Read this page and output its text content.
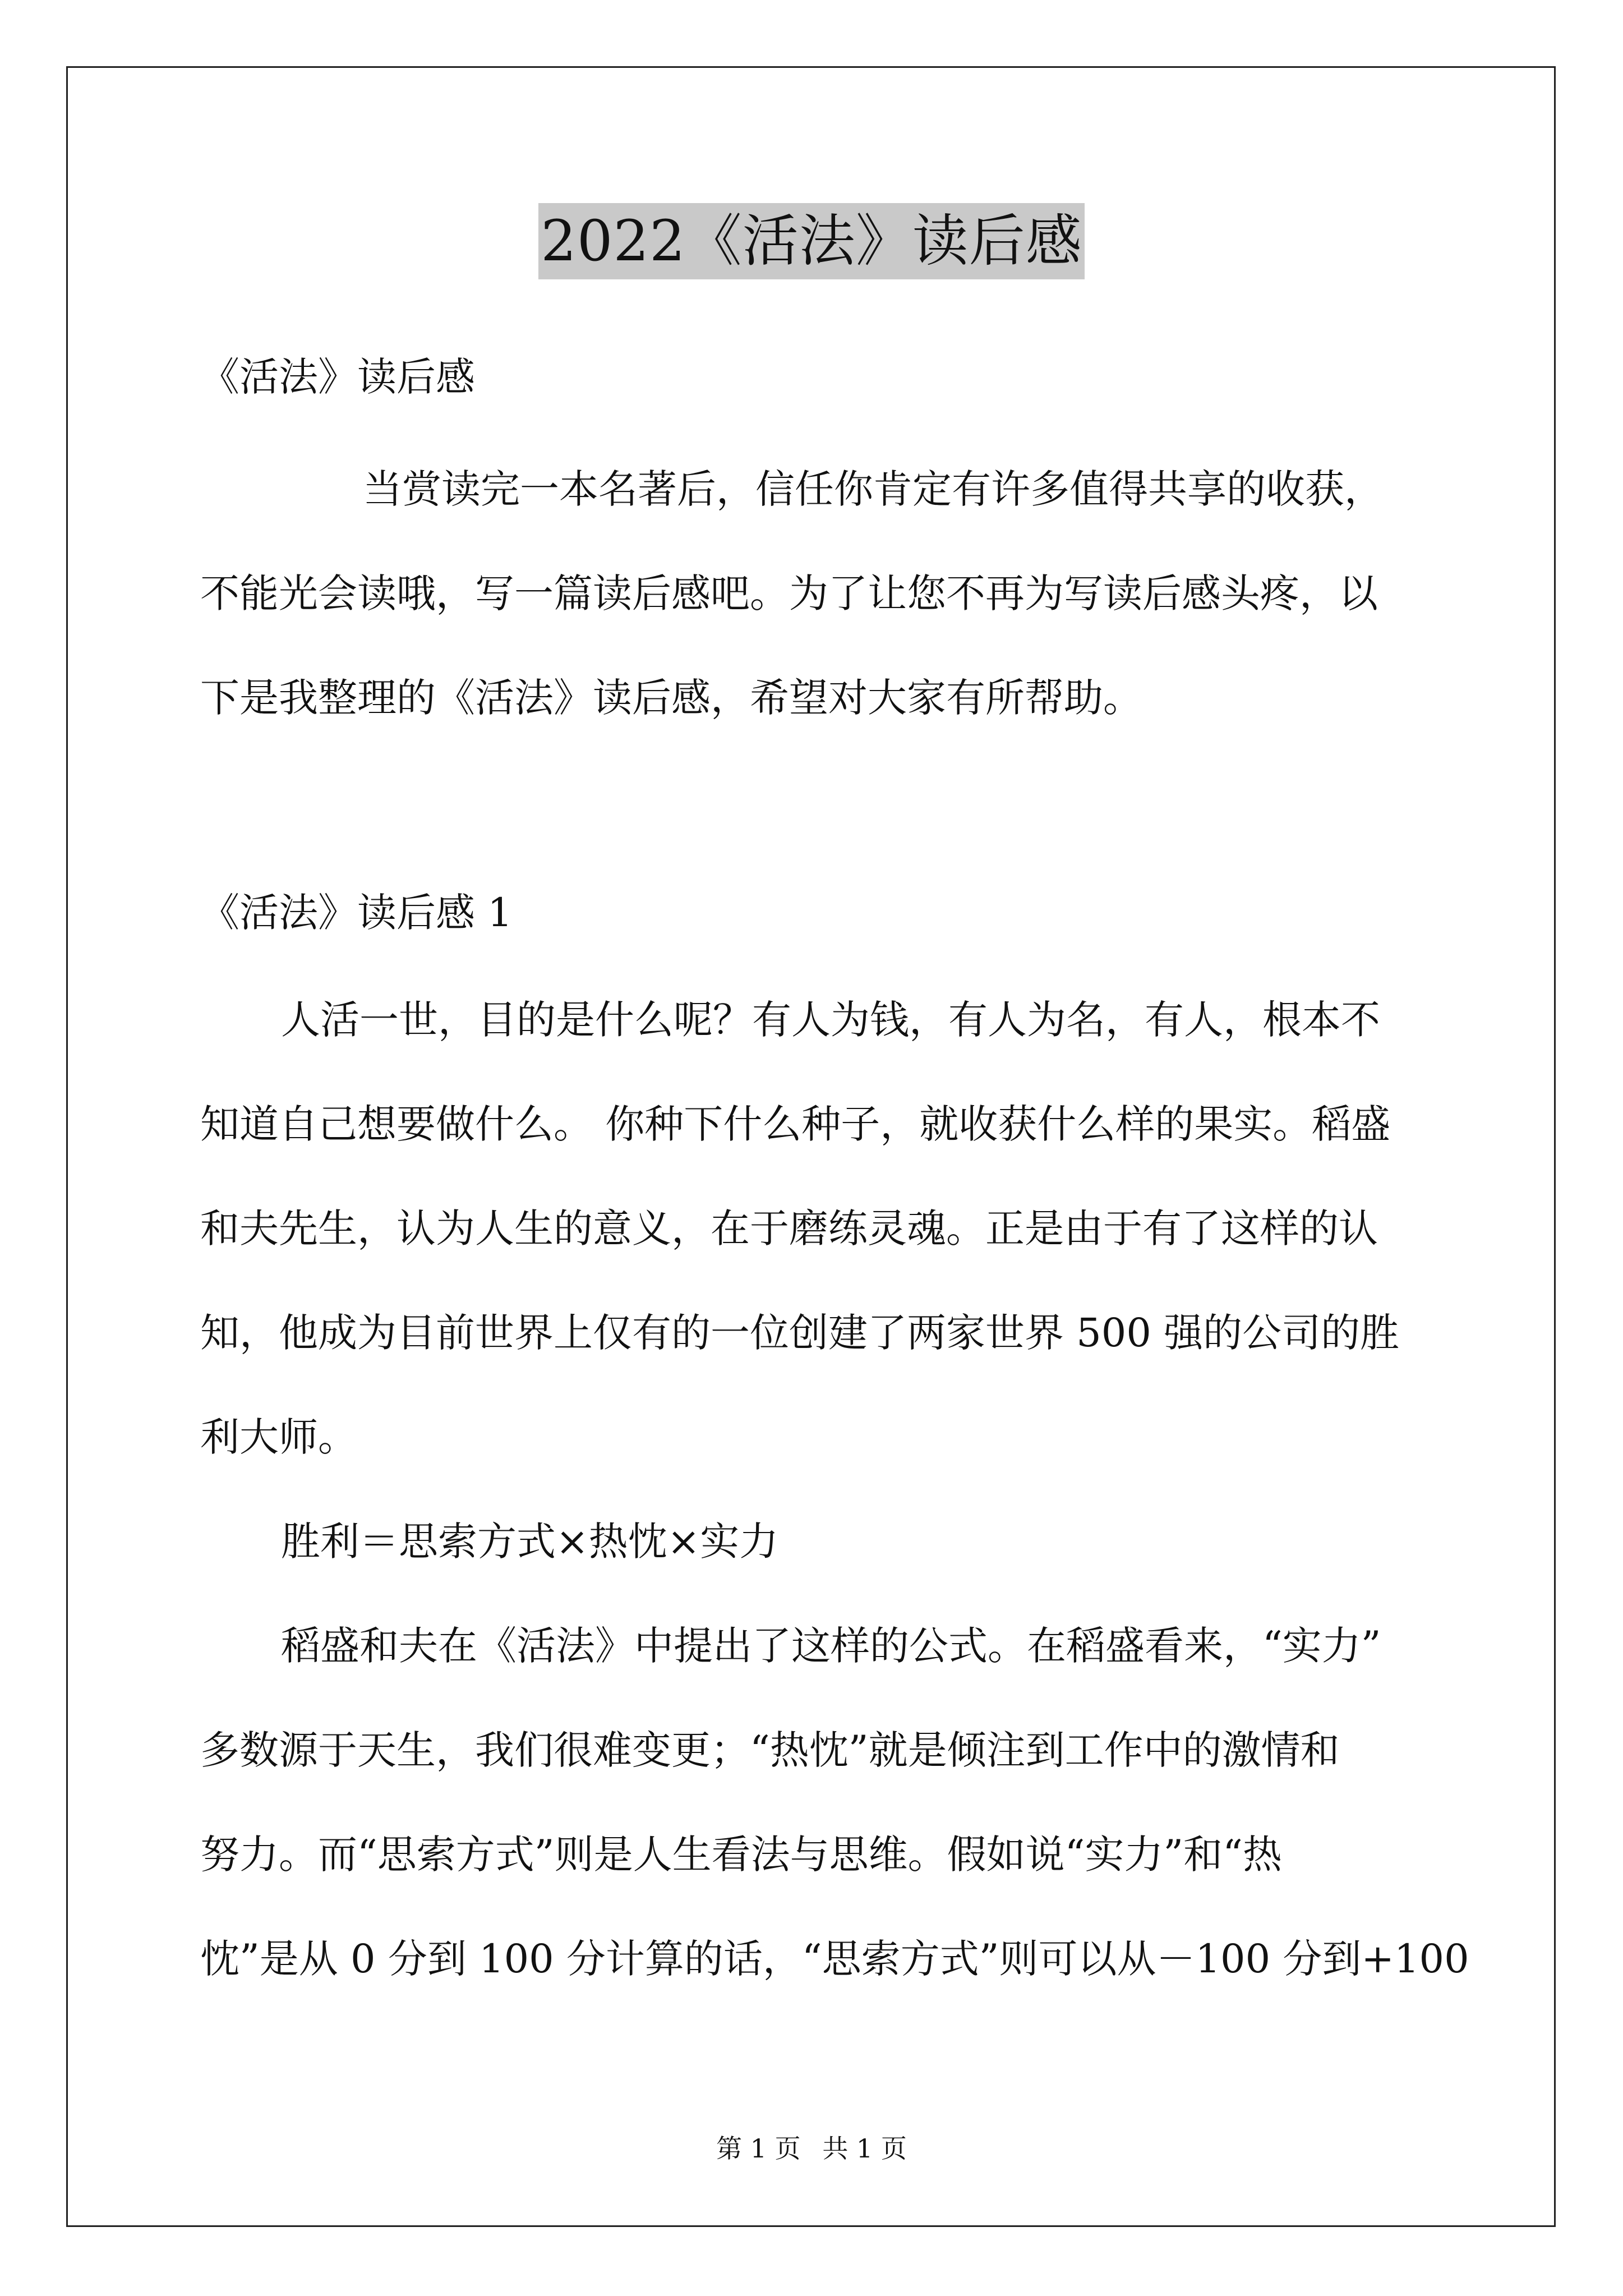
2022《活法》读后感
《活法》读后感
当赏读完一本名著后，信任你肯定有许多值得共享的收获，
不能光会读哦，写一篇读后感吧。为了让您不再为写读后感头疼，以
下是我整理的《活法》读后感，希望对大家有所帮助。
《活法》读后感 1
人活一世，目的是什么呢？有人为钱，有人为名，有人，根本不
知道自己想要做什么。 你种下什么种子，就收获什么样的果实。稻盛
和夫先生，认为人生的意义，在于磨练灵魂。正是由于有了这样的认
知，他成为目前世界上仅有的一位创建了两家世界 500 强的公司的胜
利大师。
胜利＝思索方式×热忱×实力
稻盛和夫在《活法》中提出了这样的公式。在稻盛看来，“实力”
多数源于天生，我们很难变更；“热忱”就是倾注到工作中的激情和
努力。而“思索方式”则是人生看法与思维。假如说“实力”和“热
忱”是从 0 分到 100 分计算的话，“思索方式”则可以从－100 分到+100
第 1 页 共 1 页
